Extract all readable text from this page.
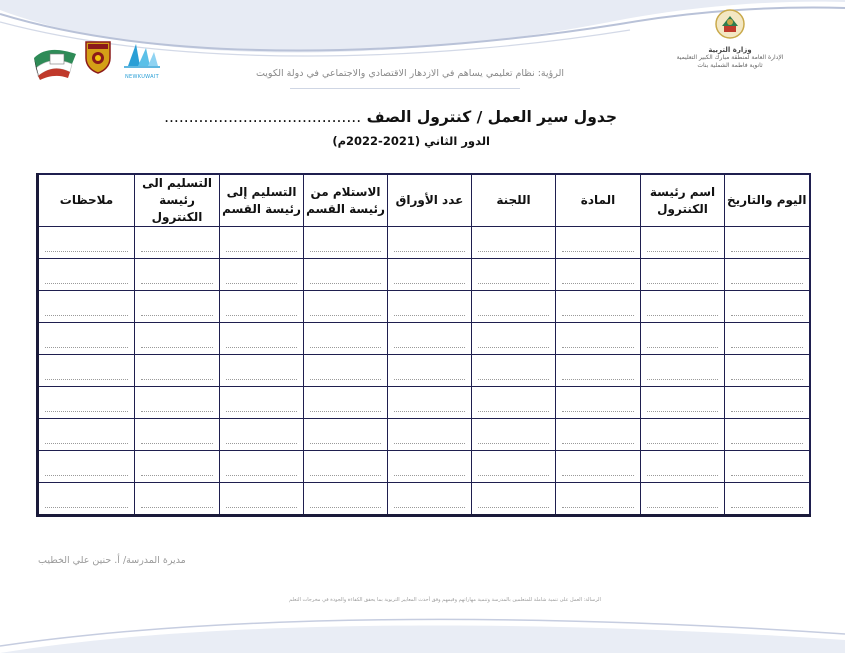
وزارة التربية
الإدارة العامة لمنطقة مبارك الكبير التعليمية
ثانوية فاطمة الشملية بنات
NEWKUWAIT	الرؤية: نظام تعليمي يساهم في الازدهار الاقتصادي والاجتماعي في دولة الكويت
جدول سير العمل / كنترول الصف ........................................
الدور الثاني (2021-2022م)
اليوم والتاريخ	اسم رئيسة الكنترول	المادة	اللجنة	عدد الأوراق	الاستلام من رئيسة القسم	التسليم إلى رئيسة القسم	التسليم الى رئيسة الكنترول	ملاحظات

مديرة المدرسة/ أ. حنين علي الخطيب
الرسالة: العمل على تنمية شاملة للمتعلمين بالمدرسة وتنمية مهاراتهم وقيمهم وفق أحدث المعايير التربوية بما يحقق الكفاءة والجودة في مخرجات التعلم
